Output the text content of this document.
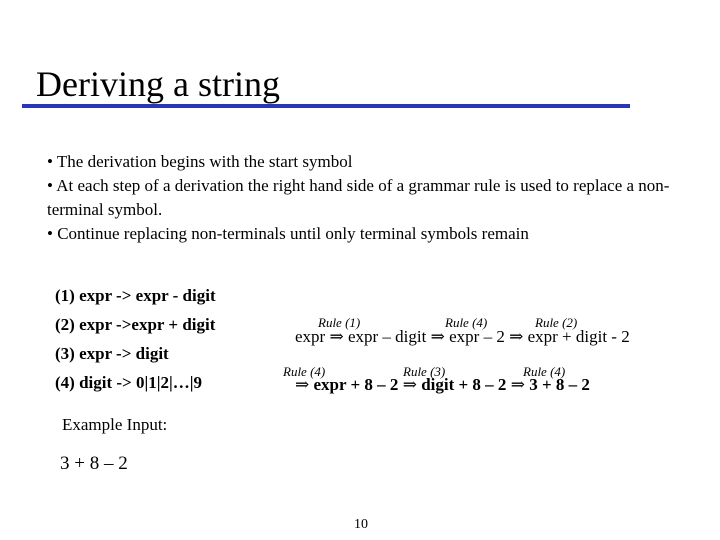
Deriving a string

• The derivation begins with the start symbol

• At each step of a derivation the right hand side of a grammar rule is used to replace a non-terminal symbol.

• Continue replacing non-terminals until only terminal symbols remain

(1) expr -> expr - digit

(2) expr ->expr + digit

(3) expr -> digit

(4) digit -> 0|1|2|…|9

expr ⇒ expr – digit ⇒ expr – 2 ⇒ expr + digit - 2
Rule (1)	Rule (4)	Rule (2)
⇒ expr + 8 – 2 ⇒ digit + 8 – 2 ⇒ 3 + 8 – 2
Rule (4)	Rule (3)	Rule (4)
Example Input:
3 + 8 – 2
10
